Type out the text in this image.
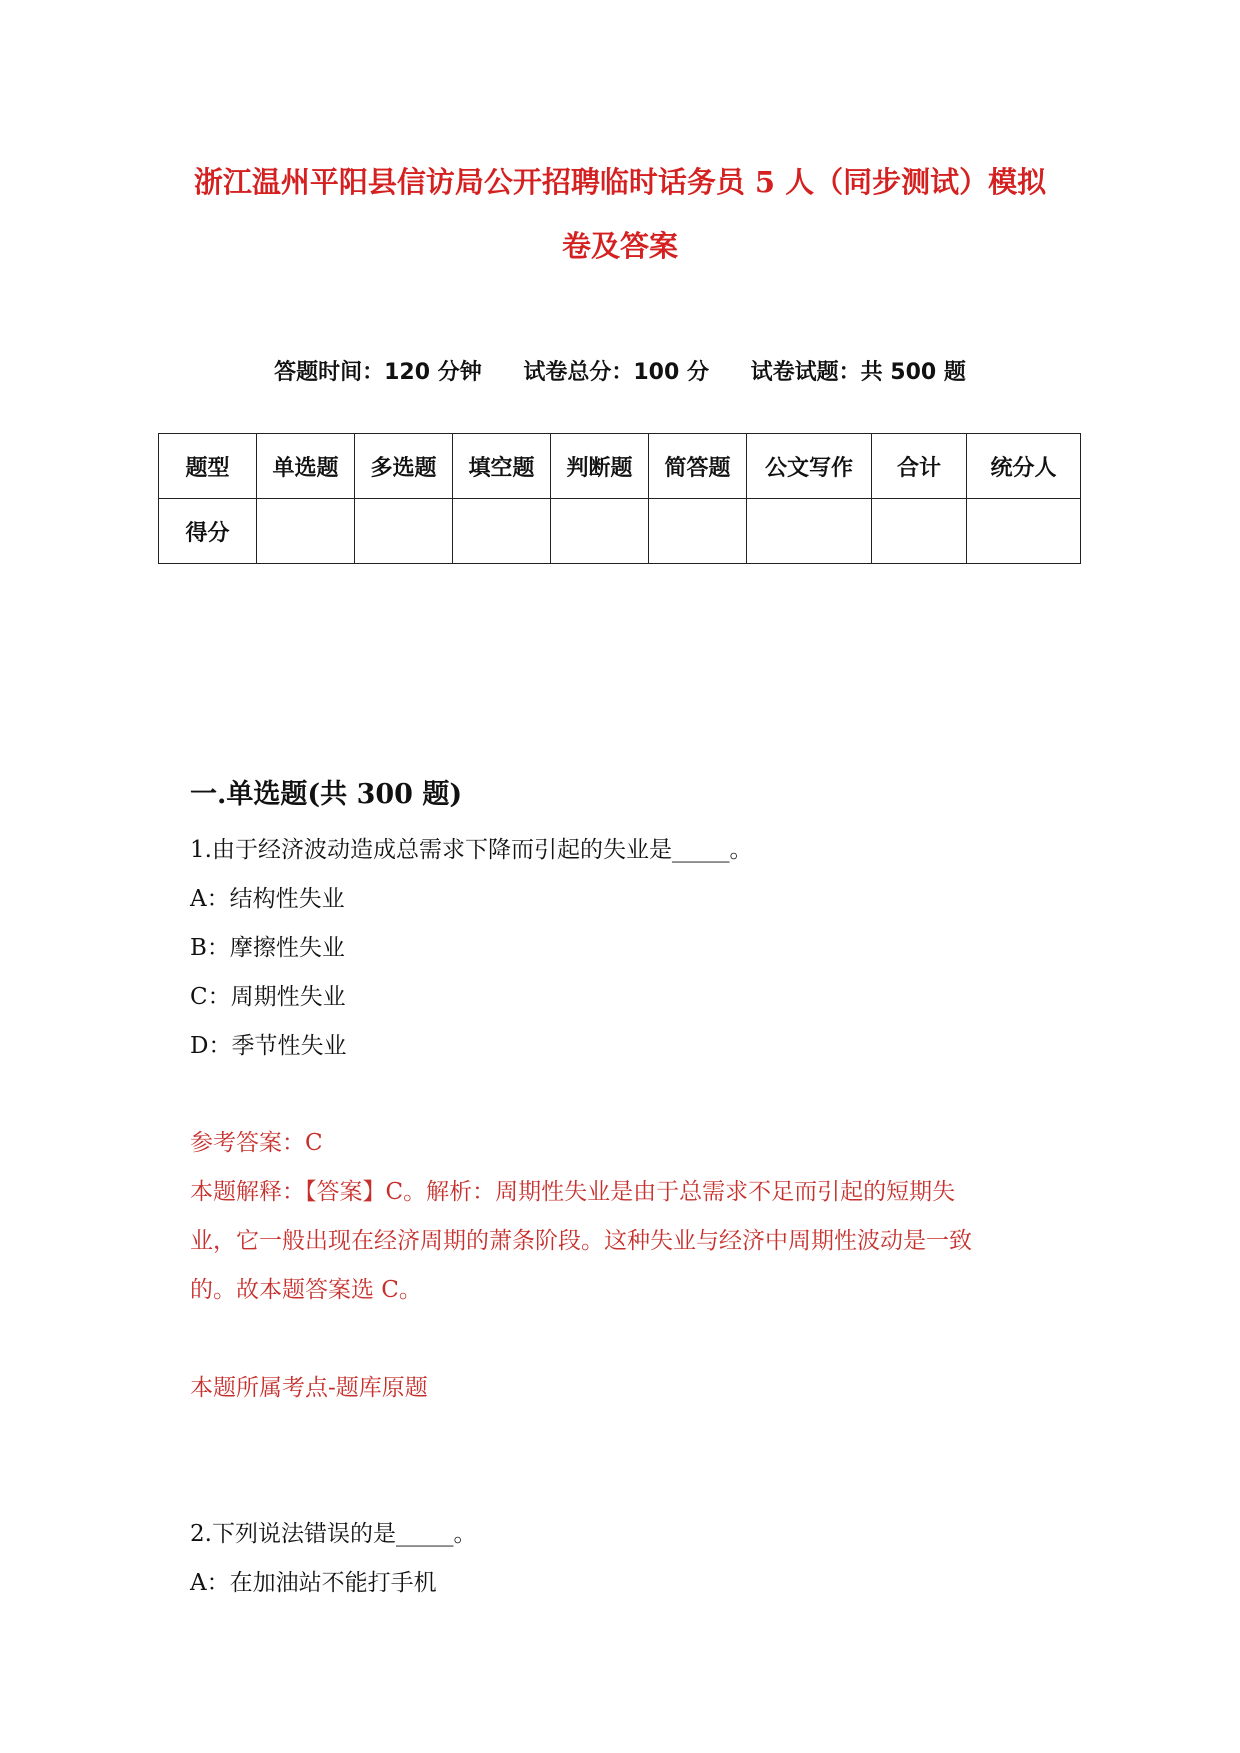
浙江温州平阳县信访局公开招聘临时话务员 5 人（同步测试）模拟
卷及答案
答题时间：120 分钟 试卷总分：100 分 试卷试题：共 500 题
题型	单选题	多选题	填空题	判断题	简答题	公文写作	合计	统分人
得分								
一.单选题(共 300 题)
1.由于经济波动造成总需求下降而引起的失业是_____。
A：结构性失业
B：摩擦性失业
C：周期性失业
D：季节性失业
参考答案：C
本题解释：【答案】C。解析：周期性失业是由于总需求不足而引起的短期失
业，它一般出现在经济周期的萧条阶段。这种失业与经济中周期性波动是一致
的。故本题答案选 C。
本题所属考点-题库原题
2.下列说法错误的是_____。
A：在加油站不能打手机
